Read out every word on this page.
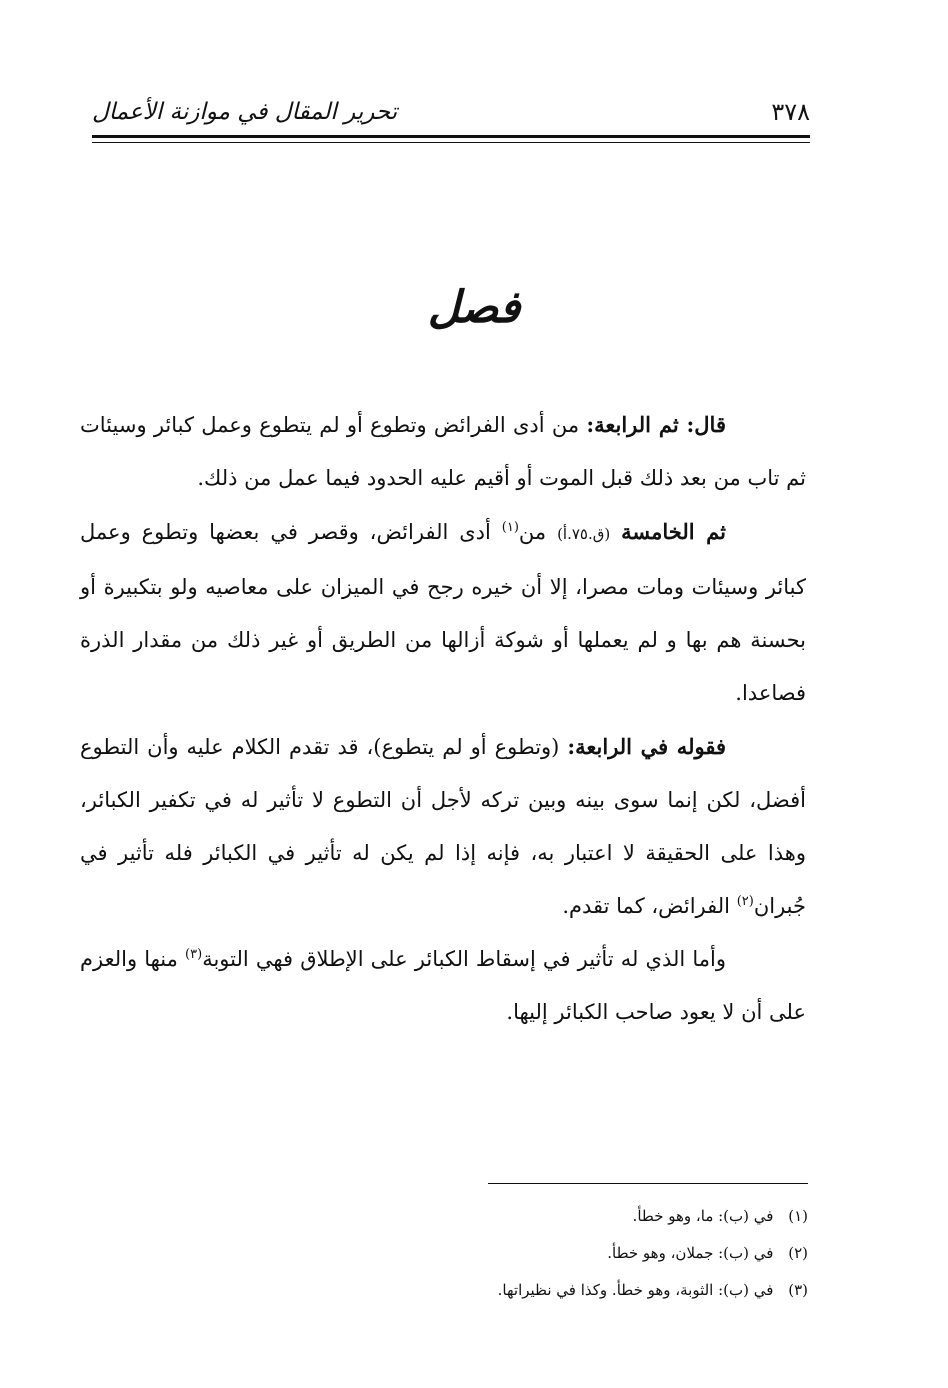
٣٧٨
تحرير المقال في موازنة الأعمال
فصل

قال: ثم الرابعة: من أدى الفرائض وتطوع أو لم يتطوع وعمل كبائر وسيئات ثم تاب من بعد ذلك قبل الموت أو أقيم عليه الحدود فيما عمل من ذلك.

ثم الخامسة (ق.٧٥.أ) من$^{(١)}$ أدى الفرائض، وقصر في بعضها وتطوع وعمل كبائر وسيئات ومات مصرا، إلا أن خيره رجح في الميزان على معاصيه ولو بتكبيرة أو بحسنة هم بها و لم يعملها أو شوكة أزالها من الطريق أو غير ذلك من مقدار الذرة فصاعدا.

فقوله في الرابعة: (وتطوع أو لم يتطوع)، قد تقدم الكلام عليه وأن التطوع أفضل، لكن إنما سوى بينه وبين تركه لأجل أن التطوع لا تأثير له في تكفير الكبائر، وهذا على الحقيقة لا اعتبار به، فإنه إذا لم يكن له تأثير في الكبائر فله تأثير في جُبران$^{(٢)}$ الفرائض، كما تقدم.

وأما الذي له تأثير في إسقاط الكبائر على الإطلاق فهي التوبة$^{(٣)}$ منها والعزم على أن لا يعود صاحب الكبائر إليها.

(١) في (ب): ما، وهو خطأ.

(٢) في (ب): جملان، وهو خطأ.

(٣) في (ب): الثوبة، وهو خطأ. وكذا في نظيراتها.
